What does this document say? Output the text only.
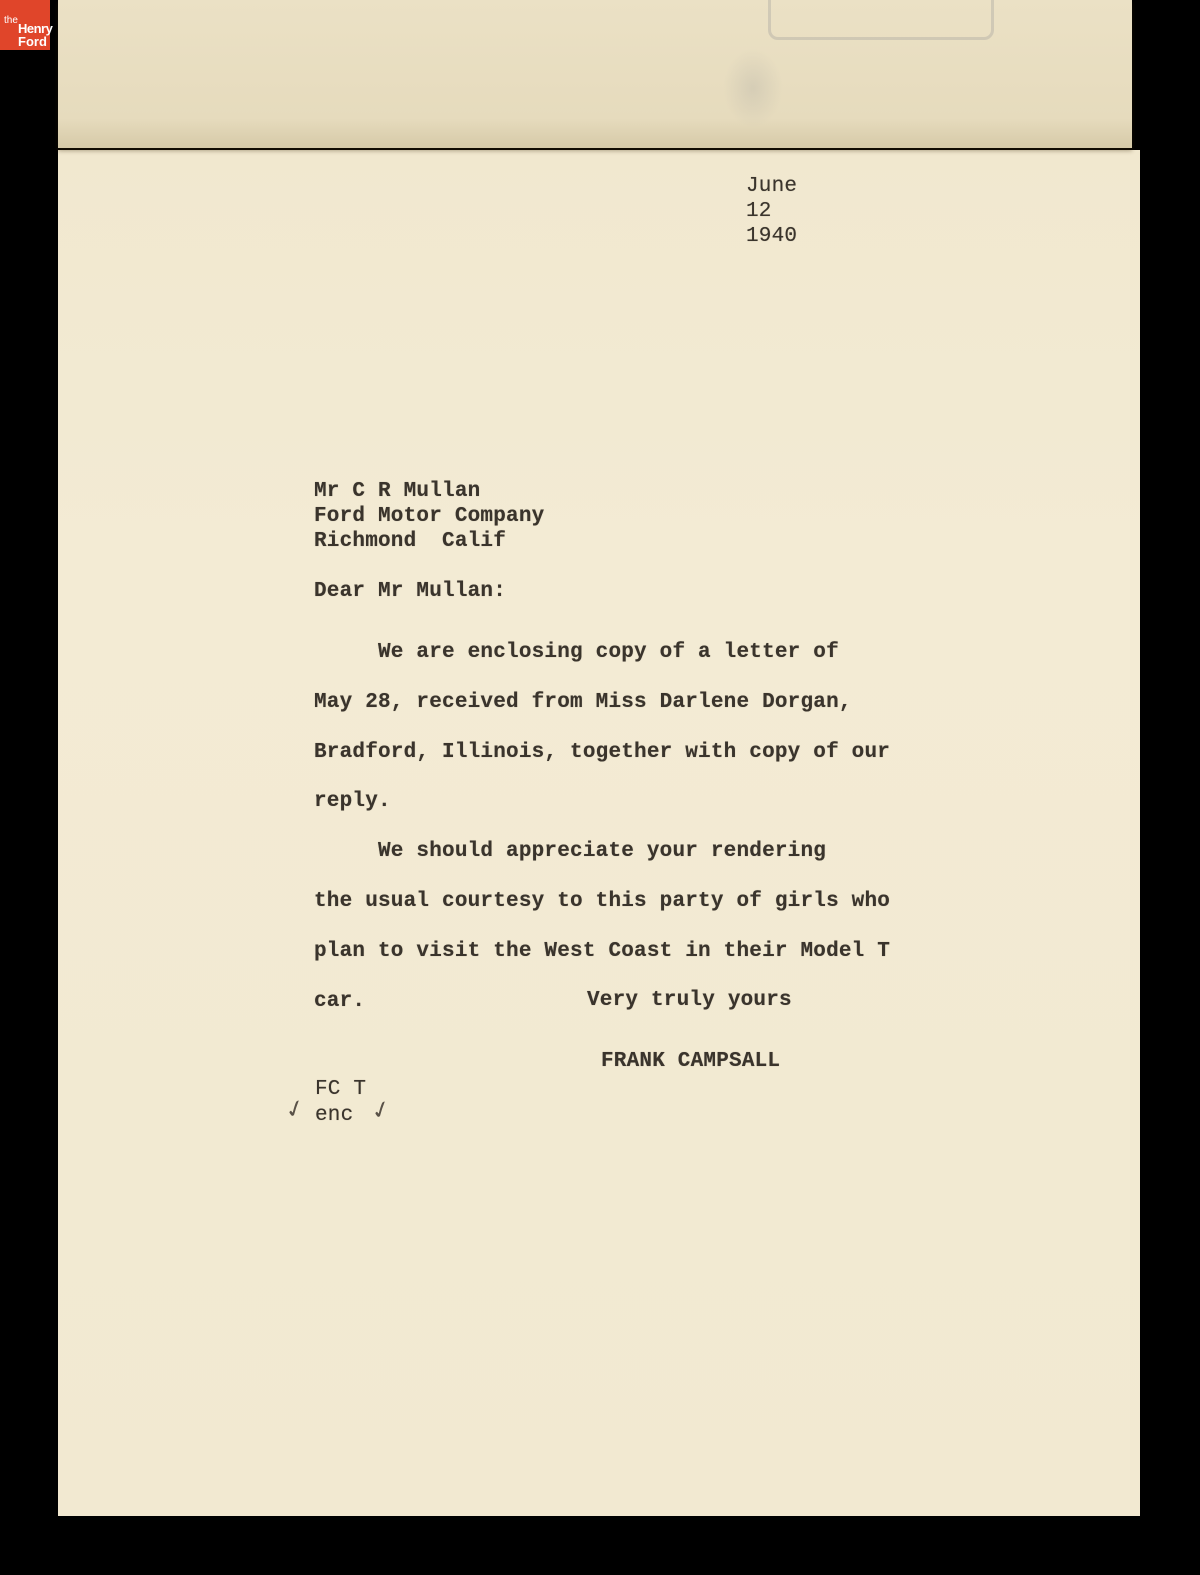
the
Henry
Ford
June
12
1940
Mr C R Mullan
Ford Motor Company
Richmond  Calif
Dear Mr Mullan:
We are enclosing copy of a letter of
May 28, received from Miss Darlene Dorgan,
Bradford, Illinois, together with copy of our
reply.
We should appreciate your rendering
the usual courtesy to this party of girls who
plan to visit the West Coast in their Model T
car.	Very truly yours
FRANK CAMPSALL
FC T
enc
✓ ✓
